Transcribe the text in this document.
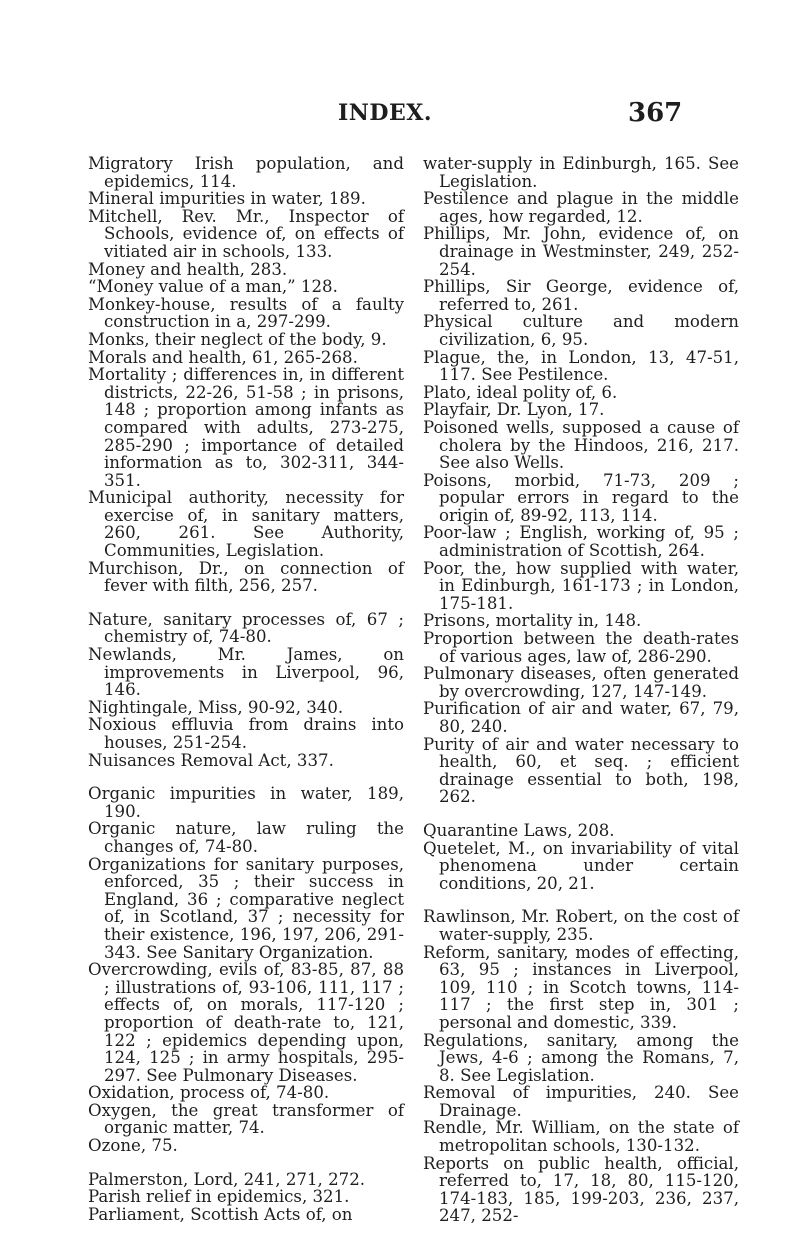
INDEX.	367
Migratory Irish population, and epidemics, 114.
Mineral impurities in water, 189.
Mitchell, Rev. Mr., Inspector of Schools, evidence of, on effects of vitiated air in schools, 133.
Money and health, 283.
“Money value of a man,” 128.
Monkey-house, results of a faulty construction in a, 297-299.
Monks, their neglect of the body, 9.
Morals and health, 61, 265-268.
Mortality ; differences in, in different districts, 22-26, 51-58 ; in prisons, 148 ; proportion among infants as compared with adults, 273-275, 285-290 ; importance of detailed information as to, 302-311, 344-351.
Municipal authority, necessity for exercise of, in sanitary matters, 260, 261. See Authority, Communities, Legislation.
Murchison, Dr., on connection of fever with filth, 256, 257.
Nature, sanitary processes of, 67 ; chemistry of, 74-80.
Newlands, Mr. James, on improvements in Liverpool, 96, 146.
Nightingale, Miss, 90-92, 340.
Noxious effluvia from drains into houses, 251-254.
Nuisances Removal Act, 337.
Organic impurities in water, 189, 190.
Organic nature, law ruling the changes of, 74-80.
Organizations for sanitary purposes, enforced, 35 ; their success in England, 36 ; comparative neglect of, in Scotland, 37 ; necessity for their existence, 196, 197, 206, 291-343. See Sanitary Organization.
Overcrowding, evils of, 83-85, 87, 88 ; illustrations of, 93-106, 111, 117 ; effects of, on morals, 117-120 ; proportion of death-rate to, 121, 122 ; epidemics depending upon, 124, 125 ; in army hospitals, 295-297. See Pulmonary Diseases.
Oxidation, process of, 74-80.
Oxygen, the great transformer of organic matter, 74.
Ozone, 75.
Palmerston, Lord, 241, 271, 272.
Parish relief in epidemics, 321.
Parliament, Scottish Acts of, on
water-supply in Edinburgh, 165. See Legislation.
Pestilence and plague in the middle ages, how regarded, 12.
Phillips, Mr. John, evidence of, on drainage in Westminster, 249, 252-254.
Phillips, Sir George, evidence of, referred to, 261.
Physical culture and modern civilization, 6, 95.
Plague, the, in London, 13, 47-51, 117. See Pestilence.
Plato, ideal polity of, 6.
Playfair, Dr. Lyon, 17.
Poisoned wells, supposed a cause of cholera by the Hindoos, 216, 217. See also Wells.
Poisons, morbid, 71-73, 209 ; popular errors in regard to the origin of, 89-92, 113, 114.
Poor-law ; English, working of, 95 ; administration of Scottish, 264.
Poor, the, how supplied with water, in Edinburgh, 161-173 ; in London, 175-181.
Prisons, mortality in, 148.
Proportion between the death-rates of various ages, law of, 286-290.
Pulmonary diseases, often generated by overcrowding, 127, 147-149.
Purification of air and water, 67, 79, 80, 240.
Purity of air and water necessary to health, 60, et seq. ; efficient drainage essential to both, 198, 262.
Quarantine Laws, 208.
Quetelet, M., on invariability of vital phenomena under certain conditions, 20, 21.
Rawlinson, Mr. Robert, on the cost of water-supply, 235.
Reform, sanitary, modes of effecting, 63, 95 ; instances in Liverpool, 109, 110 ; in Scotch towns, 114-117 ; the first step in, 301 ; personal and domestic, 339.
Regulations, sanitary, among the Jews, 4-6 ; among the Romans, 7, 8. See Legislation.
Removal of impurities, 240. See Drainage.
Rendle, Mr. William, on the state of metropolitan schools, 130-132.
Reports on public health, official, referred to, 17, 18, 80, 115-120, 174-183, 185, 199-203, 236, 237, 247, 252-
